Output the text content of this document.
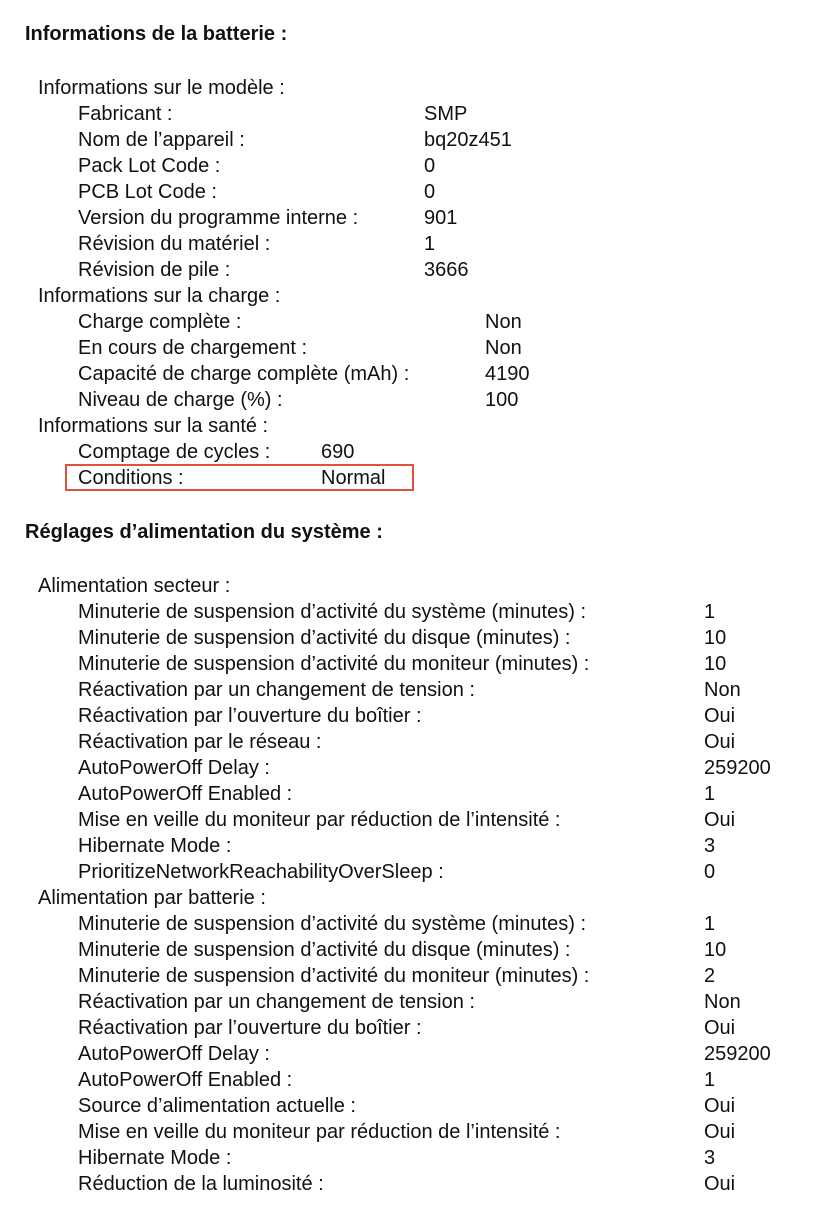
Informations de la batterie :
Informations sur le modèle :
Fabricant :	SMP
Nom de l’appareil :	bq20z451
Pack Lot Code :	0
PCB Lot Code :	0
Version du programme interne :	901
Révision du matériel :	1
Révision de pile :	3666
Informations sur la charge :
Charge complète :	Non
En cours de chargement :	Non
Capacité de charge complète (mAh) :	4190
Niveau de charge (%) :	100
Informations sur la santé :
Comptage de cycles :	690
Conditions :	Normal
Réglages d’alimentation du système :
Alimentation secteur :
Minuterie de suspension d’activité du système (minutes) :	1
Minuterie de suspension d’activité du disque (minutes) :	10
Minuterie de suspension d’activité du moniteur (minutes) :	10
Réactivation par un changement de tension :	Non
Réactivation par l’ouverture du boîtier :	Oui
Réactivation par le réseau :	Oui
AutoPowerOff Delay :	259200
AutoPowerOff Enabled :	1
Mise en veille du moniteur par réduction de l’intensité :	Oui
Hibernate Mode :	3
PrioritizeNetworkReachabilityOverSleep :	0
Alimentation par batterie :
Minuterie de suspension d’activité du système (minutes) :	1
Minuterie de suspension d’activité du disque (minutes) :	10
Minuterie de suspension d’activité du moniteur (minutes) :	2
Réactivation par un changement de tension :	Non
Réactivation par l’ouverture du boîtier :	Oui
AutoPowerOff Delay :	259200
AutoPowerOff Enabled :	1
Source d’alimentation actuelle :	Oui
Mise en veille du moniteur par réduction de l’intensité :	Oui
Hibernate Mode :	3
Réduction de la luminosité :	Oui
